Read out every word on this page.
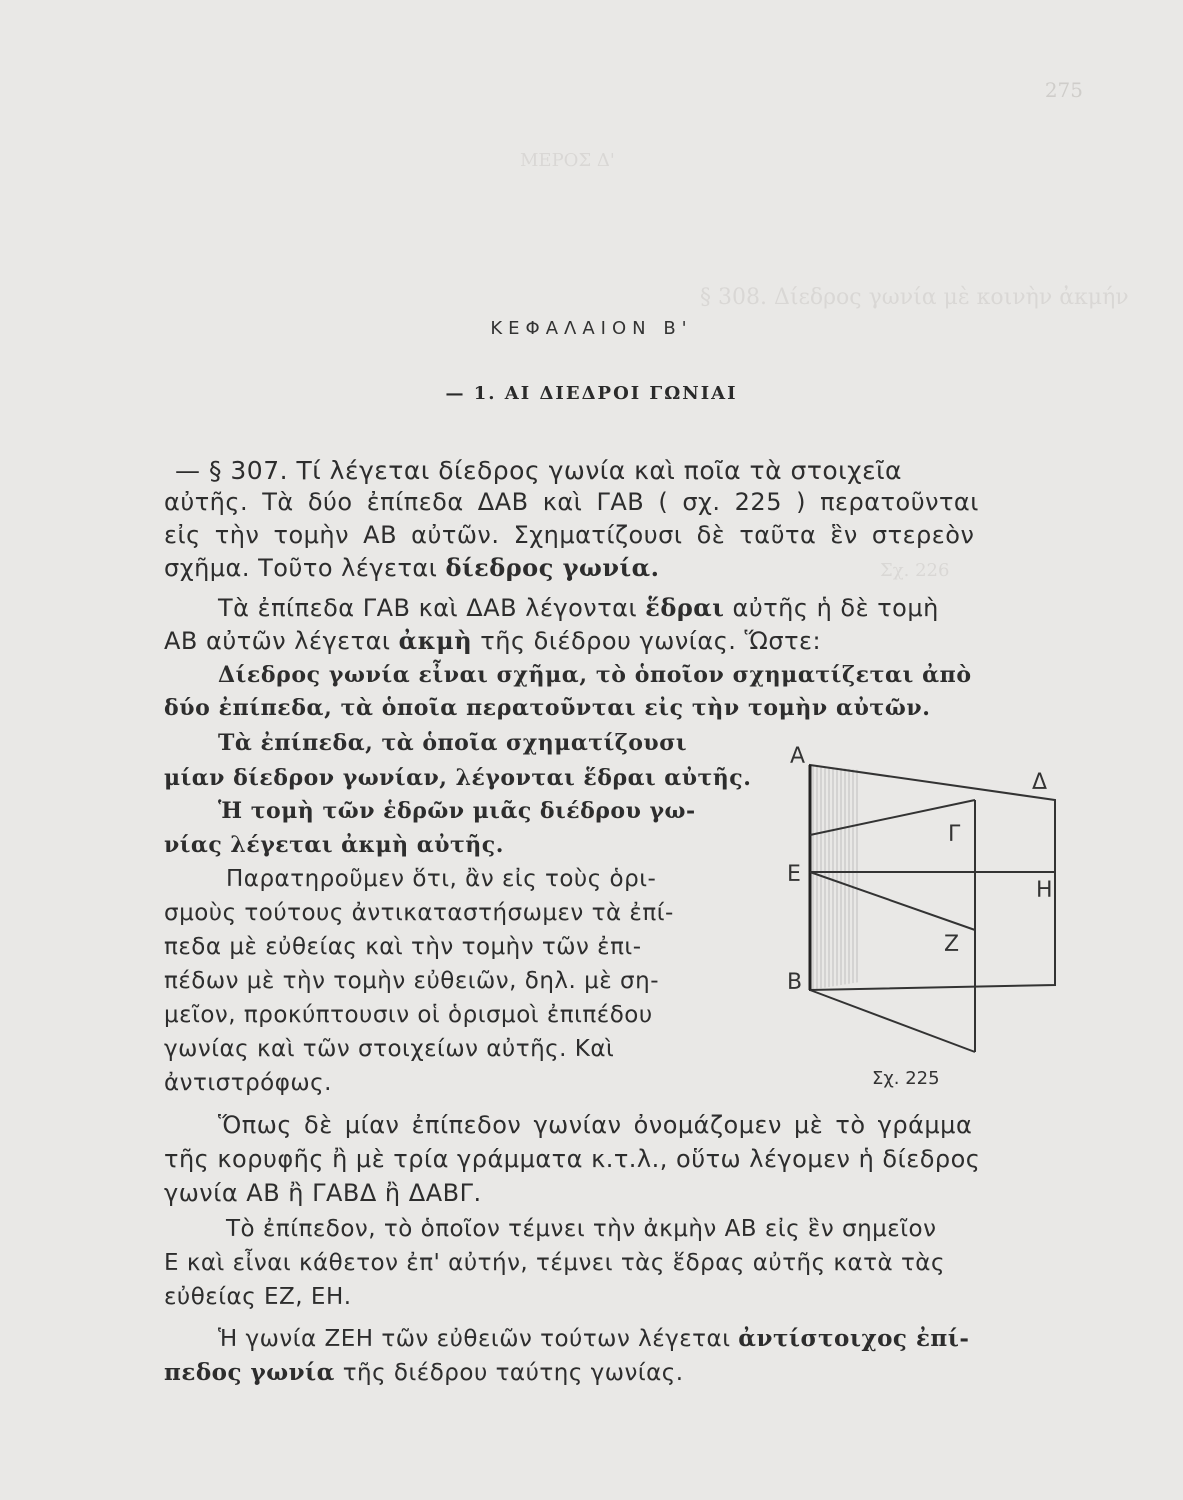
275
ΜΕΡΟΣ Δ'
§ 308. Δίεδρος γωνία μὲ κοινὴν ἀκμήν
Σχ. 226
ΚΕΦΑΛΑΙΟΝ Β'
— 1. ΑΙ ΔΙΕΔΡΟΙ ΓΩΝΙΑΙ
— § 307. Τί λέγεται δίεδρος γωνία καὶ ποῖα τὰ στοιχεῖα
αὐτῆς. Τὰ δύο ἐπίπεδα ΔΑΒ καὶ ΓΑΒ ( σχ. 225 ) περατοῦνται
εἰς τὴν τομὴν ΑΒ αὐτῶν. Σχηματίζουσι δὲ ταῦτα ἓν στερεὸν
σχῆμα. Τοῦτο λέγεται δίεδρος γωνία.
Τὰ ἐπίπεδα ΓΑΒ καὶ ΔΑΒ λέγονται ἕδραι αὐτῆς ἡ δὲ τομὴ
ΑΒ αὐτῶν λέγεται ἀκμὴ τῆς διέδρου γωνίας. Ὥστε:
Δίεδρος γωνία εἶναι σχῆμα, τὸ ὁποῖον σχηματίζεται ἀπὸ
δύο ἐπίπεδα, τὰ ὁποῖα περατοῦνται εἰς τὴν τομὴν αὐτῶν.
Τὰ ἐπίπεδα, τὰ ὁποῖα σχηματίζουσι
μίαν δίεδρον γωνίαν, λέγονται ἕδραι αὐτῆς.
Ἡ τομὴ τῶν ἑδρῶν μιᾶς διέδρου γω-
νίας λέγεται ἀκμὴ αὐτῆς.
Παρατηροῦμεν ὅτι, ἂν εἰς τοὺς ὁρι-
σμοὺς τούτους ἀντικαταστήσωμεν τὰ ἐπί-
πεδα μὲ εὐθείας καὶ τὴν τομὴν τῶν ἐπι-
πέδων μὲ τὴν τομὴν εὐθειῶν, δηλ. μὲ ση-
μεῖον, προκύπτουσιν οἱ ὁρισμοὶ ἐπιπέδου
γωνίας καὶ τῶν στοιχείων αὐτῆς. Καὶ
ἀντιστρόφως.
Α
Δ
Γ
Ε
Η
Ζ
Β
Σχ. 225
Ὅπως δὲ μίαν ἐπίπεδον γωνίαν ὀνομάζομεν μὲ τὸ γράμμα
τῆς κορυφῆς ἢ μὲ τρία γράμματα κ.τ.λ., οὕτω λέγομεν ἡ δίεδρος
γωνία ΑΒ ἢ ΓΑΒΔ ἢ ΔΑΒΓ.
Τὸ ἐπίπεδον, τὸ ὁποῖον τέμνει τὴν ἀκμὴν ΑΒ εἰς ἓν σημεῖον
Ε καὶ εἶναι κάθετον ἐπ' αὐτήν, τέμνει τὰς ἕδρας αὐτῆς κατὰ τὰς
εὐθείας ΕΖ, ΕΗ.
Ἡ γωνία ΖΕΗ τῶν εὐθειῶν τούτων λέγεται ἀντίστοιχος ἐπί-
πεδος γωνία τῆς διέδρου ταύτης γωνίας.
